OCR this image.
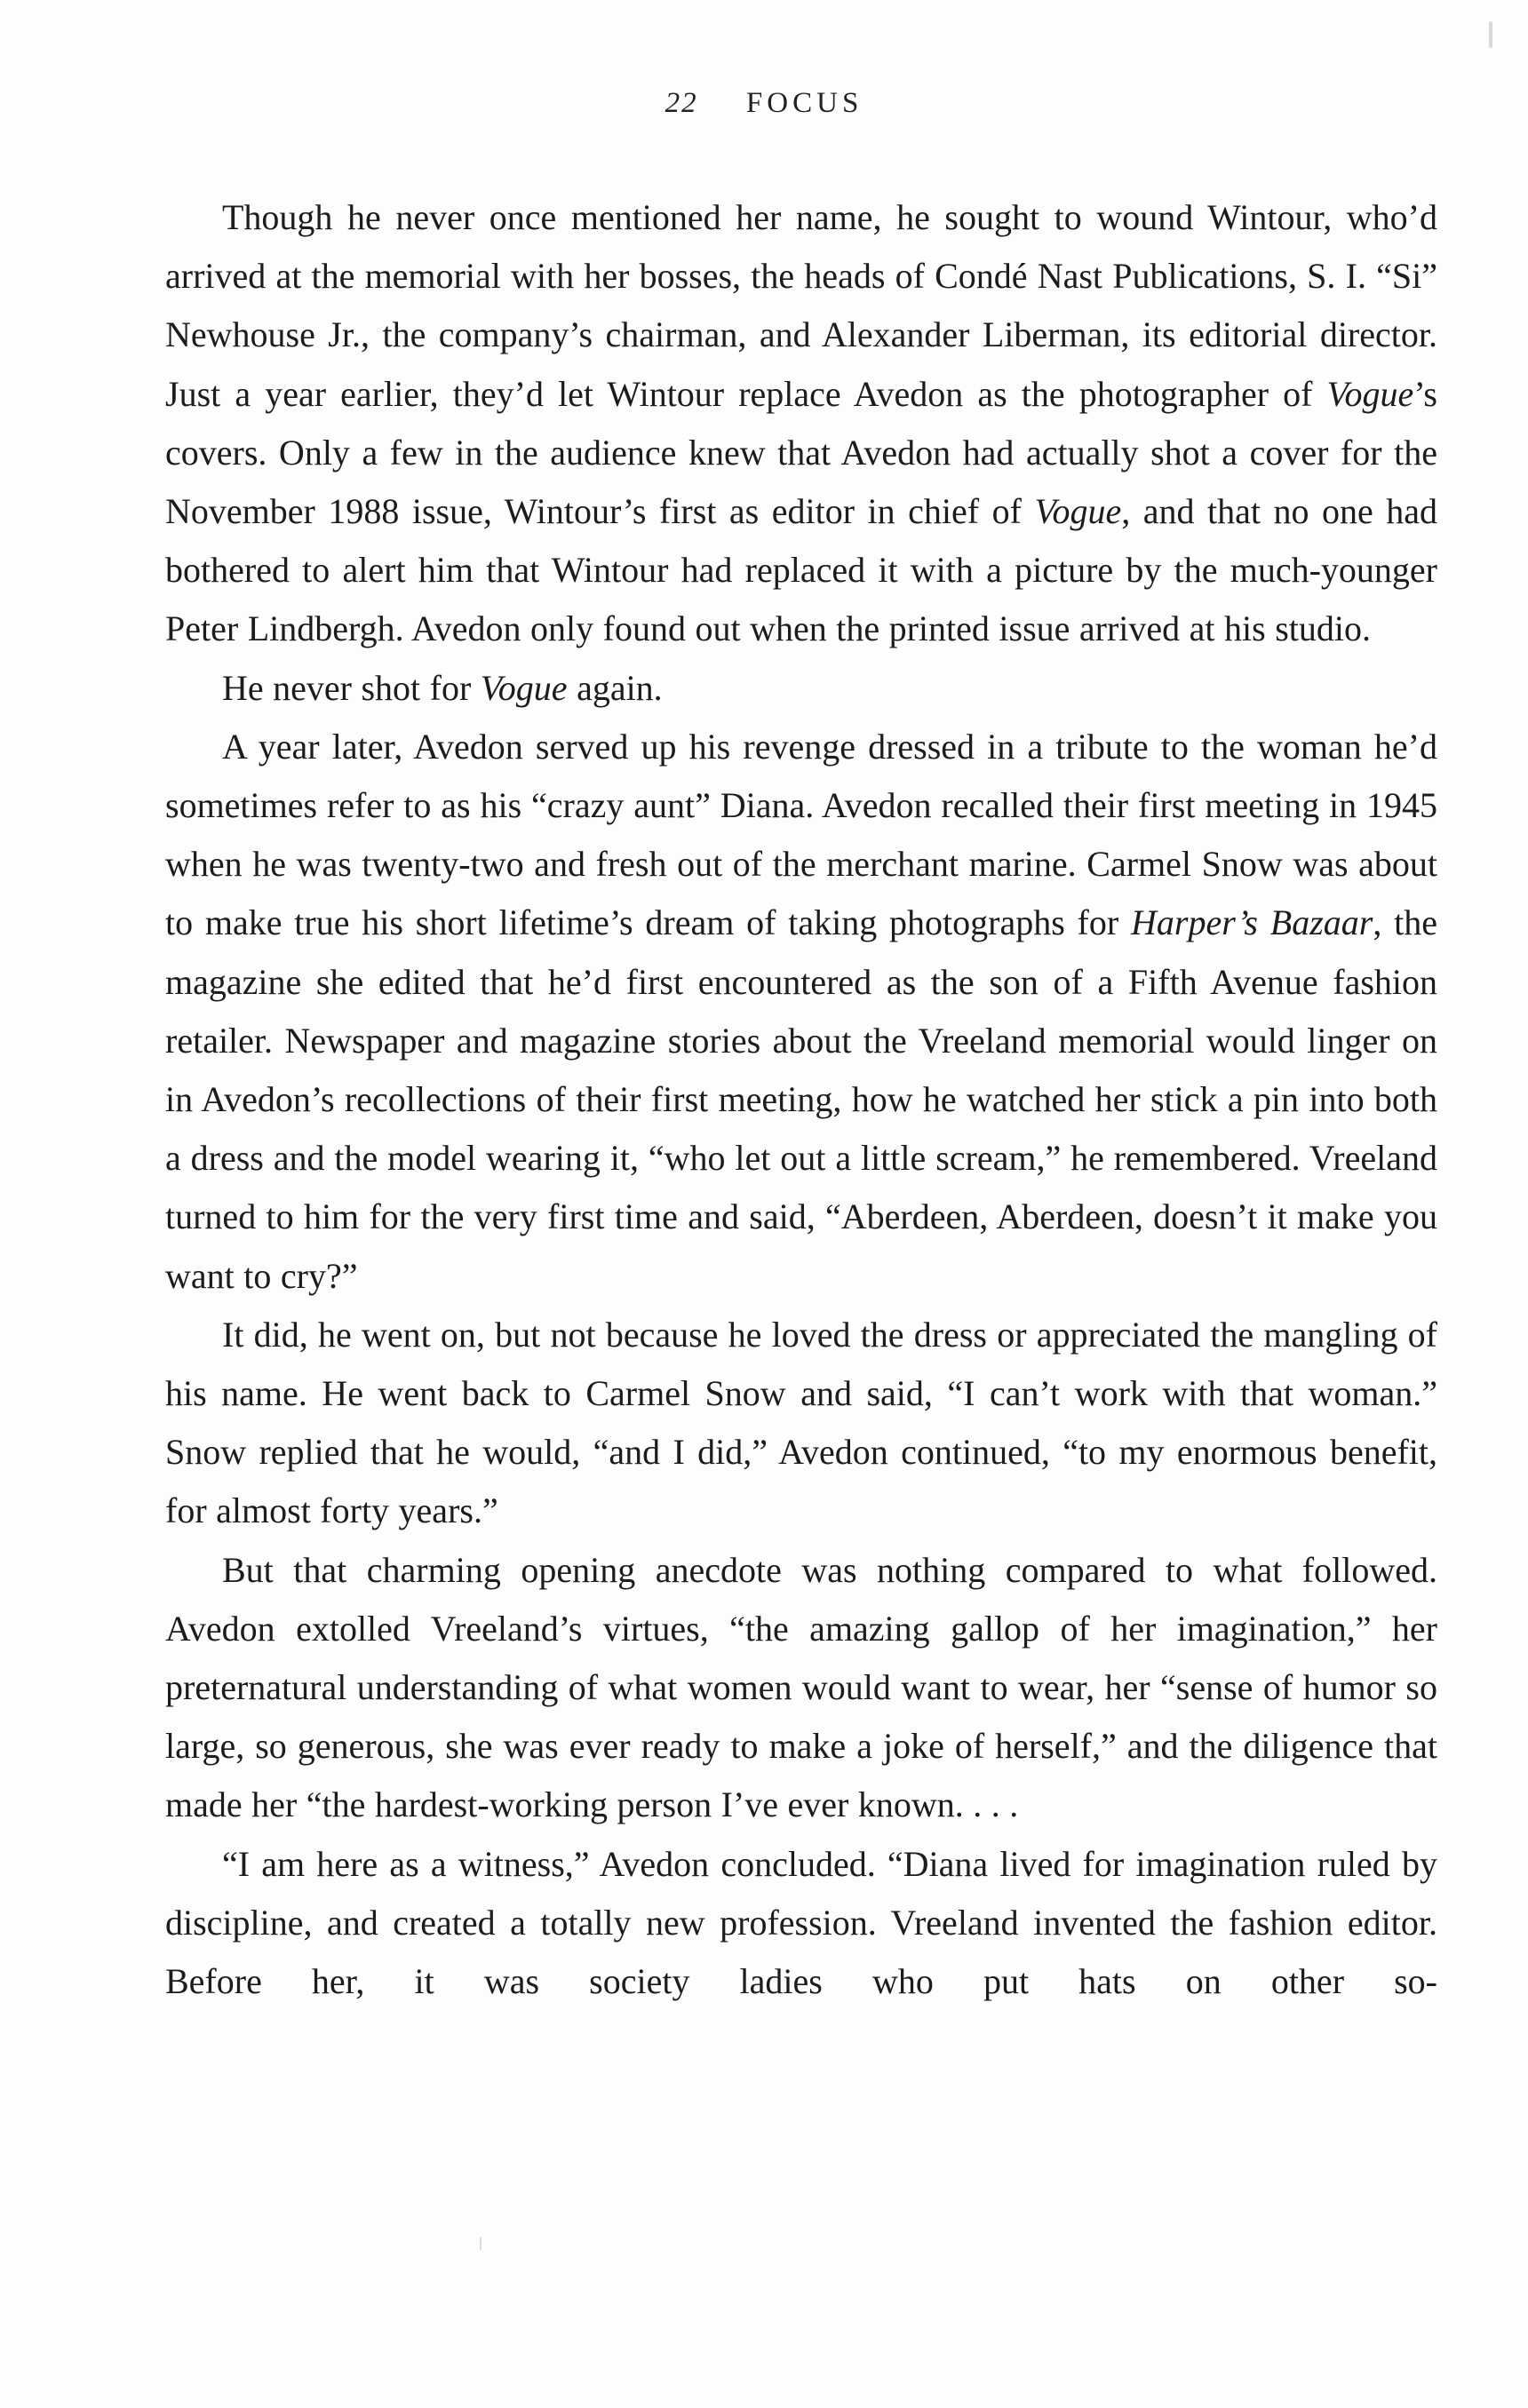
22 FOCUS

Though he never once mentioned her name, he sought to wound Wintour, who’d arrived at the memorial with her bosses, the heads of Condé Nast Publications, S. I. “Si” Newhouse Jr., the company’s chairman, and Alexander Liberman, its editorial director. Just a year earlier, they’d let Wintour replace Avedon as the photographer of Vogue’s covers. Only a few in the audience knew that Avedon had actually shot a cover for the November 1988 issue, Wintour’s first as editor in chief of Vogue, and that no one had bothered to alert him that Wintour had replaced it with a picture by the much-younger Peter Lindbergh. Avedon only found out when the printed issue arrived at his studio.

He never shot for Vogue again.

A year later, Avedon served up his revenge dressed in a tribute to the woman he’d sometimes refer to as his “crazy aunt” Diana. Avedon recalled their first meeting in 1945 when he was twenty-two and fresh out of the merchant marine. Carmel Snow was about to make true his short lifetime’s dream of taking photographs for Harper’s Bazaar, the magazine she edited that he’d first encountered as the son of a Fifth Avenue fashion retailer. Newspaper and magazine stories about the Vreeland memorial would linger on in Avedon’s recollections of their first meeting, how he watched her stick a pin into both a dress and the model wearing it, “who let out a little scream,” he remembered. Vreeland turned to him for the very first time and said, “Aberdeen, Aberdeen, doesn’t it make you want to cry?”

It did, he went on, but not because he loved the dress or appreciated the mangling of his name. He went back to Carmel Snow and said, “I can’t work with that woman.” Snow replied that he would, “and I did,” Avedon continued, “to my enormous benefit, for almost forty years.”

But that charming opening anecdote was nothing compared to what followed. Avedon extolled Vreeland’s virtues, “the amazing gallop of her imagination,” her preternatural understanding of what women would want to wear, her “sense of humor so large, so generous, she was ever ready to make a joke of herself,” and the diligence that made her “the hardest-working person I’ve ever known. . . .

“I am here as a witness,” Avedon concluded. “Diana lived for imagination ruled by discipline, and created a totally new profession. Vreeland invented the fashion editor. Before her, it was society ladies who put hats on other so-
